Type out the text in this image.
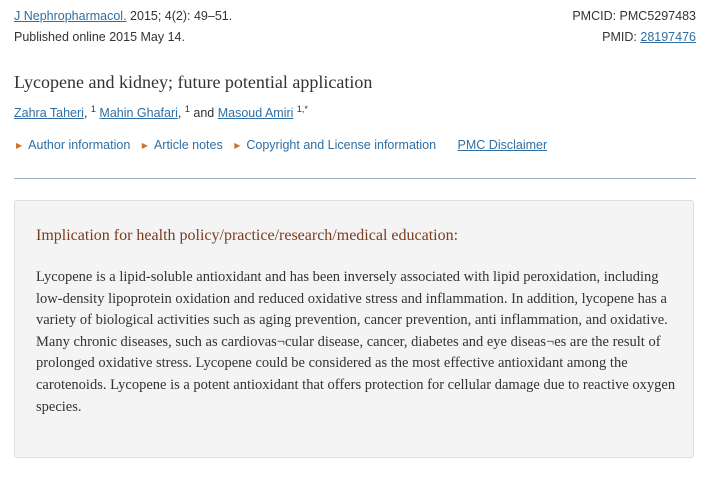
J Nephropharmacol. 2015; 4(2): 49–51.	PMCID: PMC5297483
Published online 2015 May 14.	PMID: 28197476
Lycopene and kidney; future potential application
Zahra Taheri, $^1$ Mahin Ghafari, $^1$ and Masoud Amiri $^{1,*}$
▶ Author information ▶ Article notes ▶ Copyright and License information PMC Disclaimer
Implication for health policy/practice/research/medical education:
Lycopene is a lipid-soluble antioxidant and has been inversely associated with lipid peroxidation, including low-density lipoprotein oxidation and reduced oxidative stress and inflammation. In addition, lycopene has a variety of biological activities such as aging prevention, cancer prevention, anti inflammation, and oxidative. Many chronic diseases, such as cardiovas¬cular disease, cancer, diabetes and eye diseas¬es are the result of prolonged oxidative stress. Lycopene could be considered as the most effective antioxidant among the carotenoids. Lycopene is a potent antioxidant that offers protection for cellular damage due to reactive oxygen species.
